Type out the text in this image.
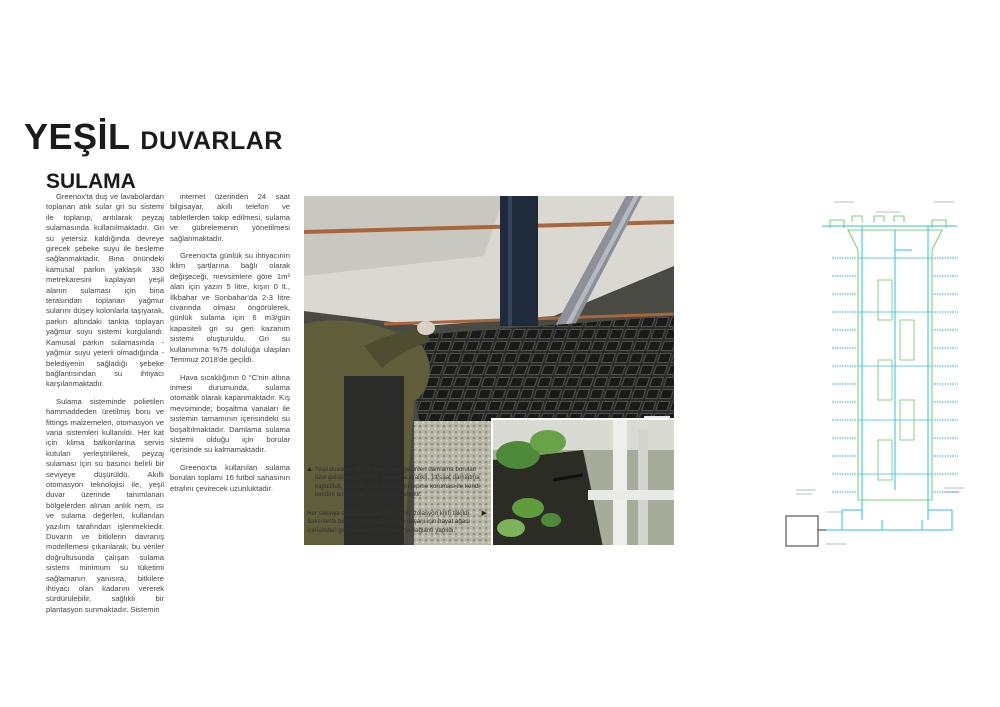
YEŞİL DUVARLAR
SULAMA

Greenox'ta duş ve lavabolardan toplanan atık sular gri su sistemi ile toplanıp, arıtılarak peyzaj sulamasında kullanılmaktadır. Gri su yetersiz kaldığında devreye girecek şebeke suyu ile besleme sağlanmaktadır. Bina önündeki kamusal parkın yaklaşık 330 metrekaresini kaplayan yeşil alanın sulaması için bina terasından toplanan yağmur sularını düşey kolonlarla taşıyarak, parkın altındaki tankta toplayan yağmur suyu sistemi kurgulandı. Kamusal parkın sulamasında - yağmur suyu yeterli olmadığında - belediyenin sağladığı şebeke bağlantısından su ihtiyacı karşılanmaktadır.

Sulama sisteminde polietilen hammaddeden üretilmiş boru ve fittings malzemeleri, otomasyon ve vana sistemleri kullanıldı. Her kat için klima balkonlarına servis kutuları yerleştirilerek, peyzaj sulaması için su basıncı belirli bir seviyeye düşürüldü. Akıllı otomasyon teknolojisi ile, yeşil duvar üzerinde tanımlanan bölgelerden alınan anlık nem, ısı ve sulama değerleri, kullanılan yazılım tarafından işlenmektedir. Duvarın ve bitkilerin davranış modellemesi çıkarılarak, bu veriler doğrultusunda çalışan sulama sistemi minimum su tüketimi sağlamanın yanısıra, bitkilere ihtiyacı olan kadarını vererek sürdürülebilir, sağlıklı bir plantasyon sunmaktadır. Sistemin

internet üzerinden 24 saat bilgisayar, akıllı telefon ve tabletlerden takip edilmesi, sulama ve gübrelemenin yönetilmesi sağlanmaktadır.

Greenox'ta günlük su ihtiyacının iklim şartlarına bağlı olarak değişeceği, mevsimlere göre 1m² alan için yazın 5 litre, kışın 0 lt., İlkbahar ve Sonbahar'da 2-3 litre civarında olması öngörülerek, günlük sulama için 6 m3/gün kapasiteli gri su geri kazanım sistemi oluşturuldu. Gri su kullanımına %75 doluluğa ulaşılan Temmuz 2018'de geçildi.

Hava sıcaklığının 0 °C'nin altına inmesi durumunda, sulama otomatik olarak kapanmaktadır. Kış mevsiminde; boşaltma vanaları ile sistemin tamamının içerisindeki su boşaltılmaktadır. Damlama sulama sistemi olduğu için borular içerisinde su kalmamaktadır.

Greenox'ta kullanılan sulama boruları toplamı 16 futbol sahasının etrafını çevirecek uzunluktadır.

▲ Yeşil duvarda modül içerisinden geçirilen damlama boruları özel geliştirilmiş, 15 cm. damlama aralıklı, 1lt/saat damlatma kapasiteli, anti kök, anti toz ve geri tepme koruması ile kendi kendini temizleme özelliklerine sahiptir.
▶
Her saksıya sulama tesisatı çekilerek, izolasyon kılıfı takıldı. Saksılarda binkebilecek fazla suyun deşarjı için hayat ağacı içerisinden geçirilen drenaj borularına bağlantı yapıldı.
